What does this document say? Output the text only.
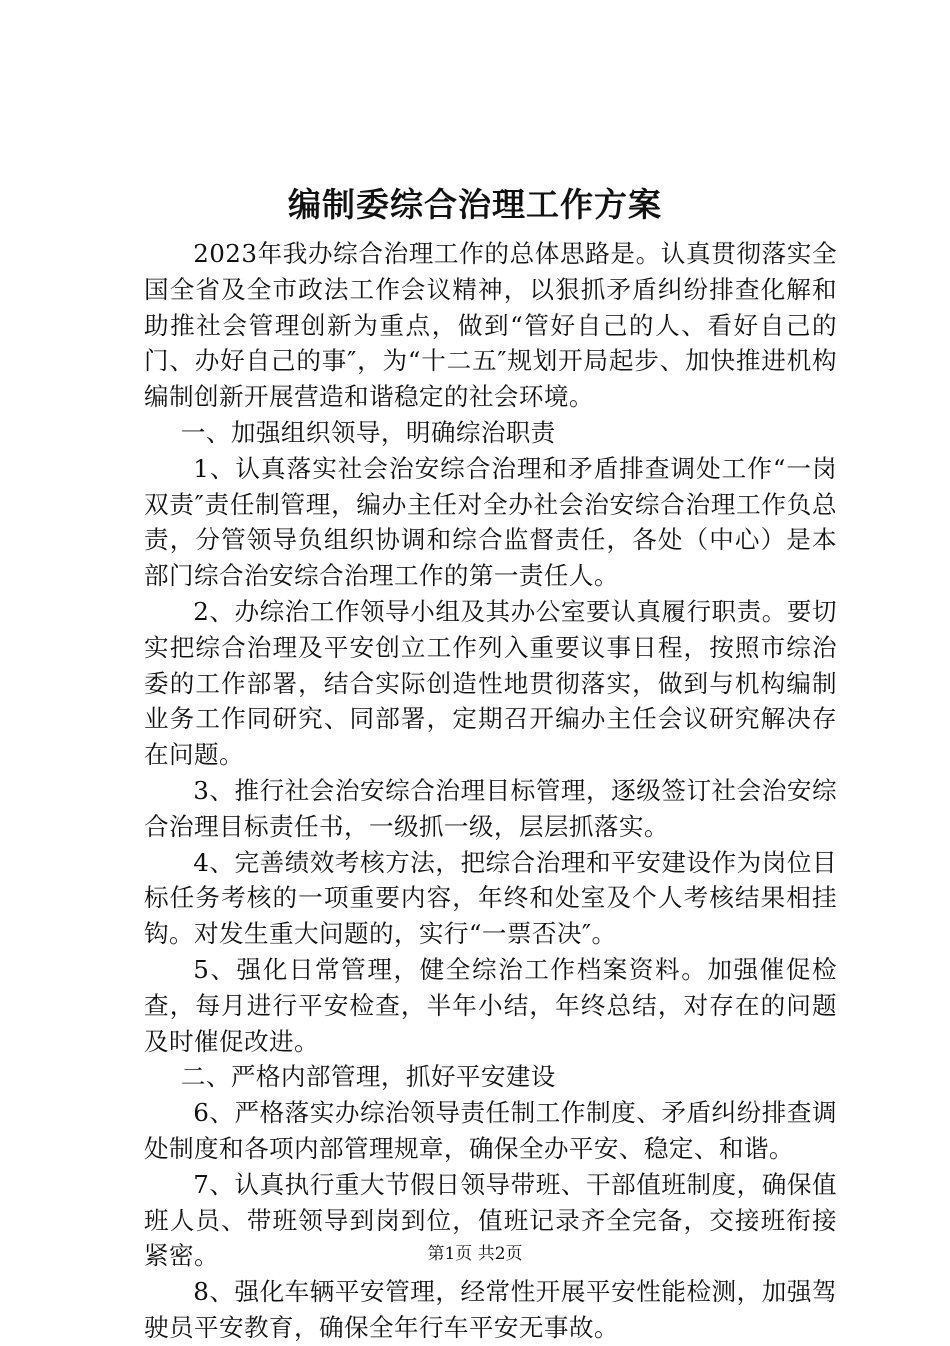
编制委综合治理工作方案

2023年我办综合治理工作的总体思路是。认真贯彻落实全国全省及全市政法工作会议精神，以狠抓矛盾纠纷排查化解和助推社会管理创新为重点，做到“管好自己的人、看好自己的门、办好自己的事″，为“十二五″规划开局起步、加快推进机构编制创新开展营造和谐稳定的社会环境。

一、加强组织领导，明确综治职责

1、认真落实社会治安综合治理和矛盾排查调处工作“一岗双责″责任制管理，编办主任对全办社会治安综合治理工作负总责，分管领导负组织协调和综合监督责任，各处（中心）是本部门综合治安综合治理工作的第一责任人。

2、办综治工作领导小组及其办公室要认真履行职责。要切实把综合治理及平安创立工作列入重要议事日程，按照市综治委的工作部署，结合实际创造性地贯彻落实，做到与机构编制业务工作同研究、同部署，定期召开编办主任会议研究解决存在问题。

3、推行社会治安综合治理目标管理，逐级签订社会治安综合治理目标责任书，一级抓一级，层层抓落实。

4、完善绩效考核方法，把综合治理和平安建设作为岗位目标任务考核的一项重要内容，年终和处室及个人考核结果相挂钩。对发生重大问题的，实行“一票否决″。

5、强化日常管理，健全综治工作档案资料。加强催促检查，每月进行平安检查，半年小结，年终总结，对存在的问题及时催促改进。

二、严格内部管理，抓好平安建设

6、严格落实办综治领导责任制工作制度、矛盾纠纷排查调处制度和各项内部管理规章，确保全办平安、稳定、和谐。

7、认真执行重大节假日领导带班、干部值班制度，确保值班人员、带班领导到岗到位，值班记录齐全完备，交接班衔接紧密。

8、强化车辆平安管理，经常性开展平安性能检测，加强驾驶员平安教育，确保全年行车平安无事故。

第1页 共2页
